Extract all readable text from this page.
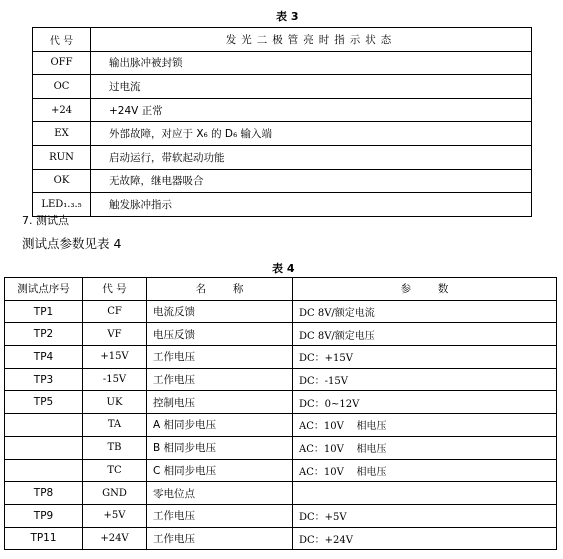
表 3
代 号	发光二极管亮时指示状态
OFF	输出脉冲被封锁
OC	过电流
+24	+24V 正常
EX	外部故障，对应于 X₆ 的 D₆ 输入端
RUN	启动运行，带软起动功能
OK	无故障，继电器吸合
LED₁.₃.₅	触发脉冲指示
7. 测试点
测试点参数见表 4
表 4
测试点序号	代 号	名        称	参        数
TP1	CF	电流反馈	DC 8V/额定电流
TP2	VF	电压反馈	DC 8V/额定电压
TP4	+15V	工作电压	DC：+15V
TP3	-15V	工作电压	DC：-15V
TP5	UK	控制电压	DC：0~12V
	TA	A 相同步电压	AC：10V    相电压
	TB	B 相同步电压	AC：10V    相电压
	TC	C 相同步电压	AC：10V    相电压
TP8	GND	零电位点	
TP9	+5V	工作电压	DC：+5V
TP11	+24V	工作电压	DC：+24V
